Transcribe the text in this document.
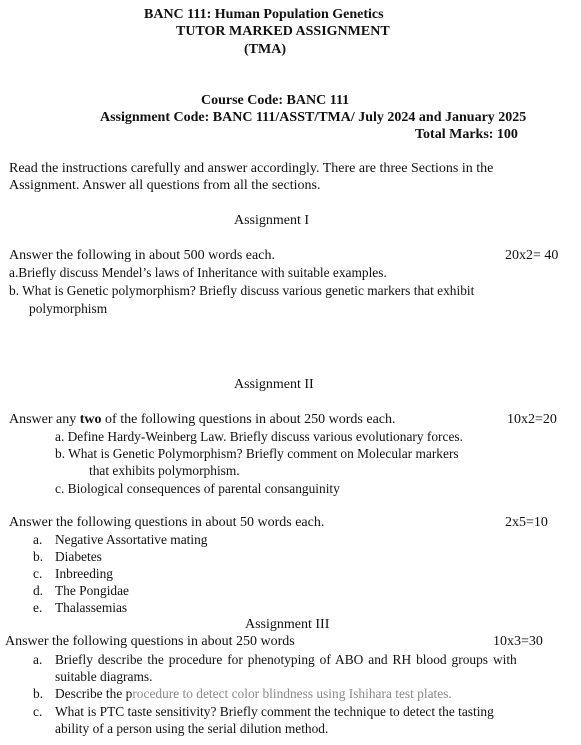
BANC 111: Human Population Genetics
TUTOR MARKED ASSIGNMENT
(TMA)
Course Code: BANC 111
Assignment Code: BANC 111/ASST/TMA/ July 2024 and January 2025
Total Marks: 100
Read the instructions carefully and answer accordingly. There are three Sections in the
Assignment. Answer all questions from all the sections.
Assignment I
Answer the following in about 500 words each.	20x2= 40
a.Briefly discuss Mendel’s laws of Inheritance with suitable examples.
b. What is Genetic polymorphism? Briefly discuss various genetic markers that exhibit
polymorphism
Assignment II
Answer any two of the following questions in about 250 words each.	10x2=20
a. Define Hardy-Weinberg Law. Briefly discuss various evolutionary forces.
b. What is Genetic Polymorphism? Briefly comment on Molecular markers
that exhibits polymorphism.
c. Biological consequences of parental consanguinity
Answer the following questions in about 50 words each.	2x5=10
a. Negative Assortative mating
b. Diabetes
c. Inbreeding
d. The Pongidae
e. Thalassemias
Assignment III
Answer the following questions in about 250 words	10x3=30
a. Briefly describe the procedure for phenotyping of ABO and RH blood groups with
suitable diagrams.
b. Describe the procedure to detect color blindness using Ishihara test plates.
c. What is PTC taste sensitivity? Briefly comment the technique to detect the tasting
ability of a person using the serial dilution method.
